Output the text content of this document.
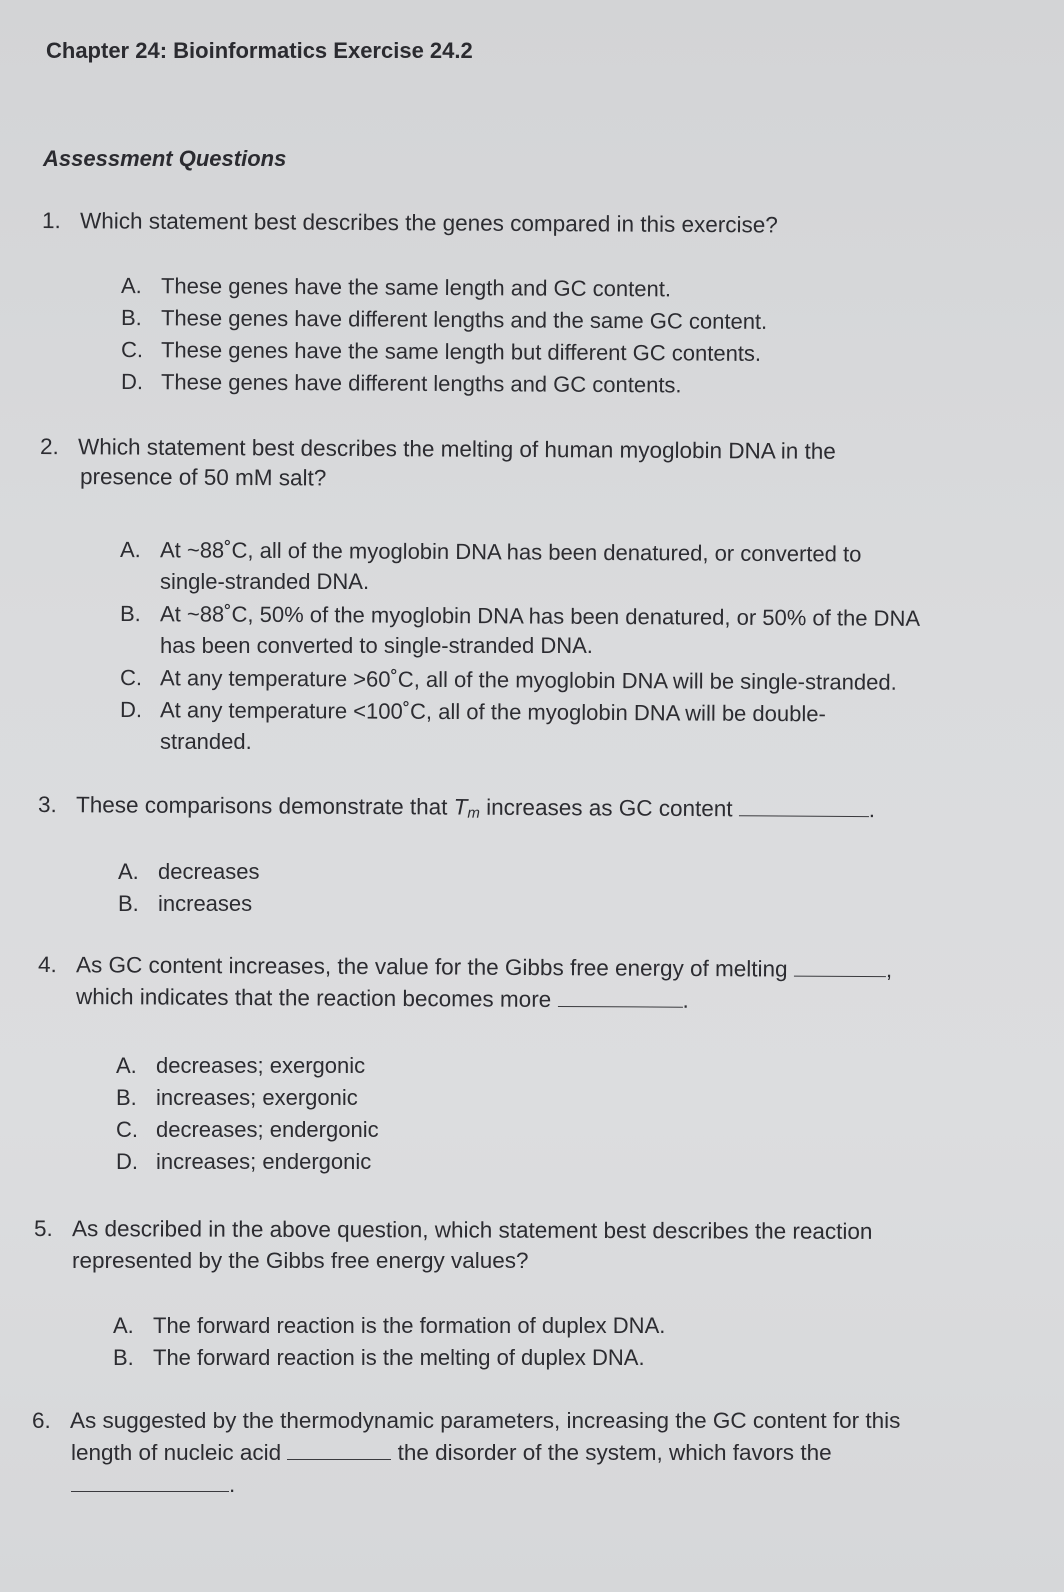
Chapter 24: Bioinformatics Exercise 24.2
Assessment Questions
1. Which statement best describes the genes compared in this exercise?
A. These genes have the same length and GC content.
B. These genes have different lengths and the same GC content.
C. These genes have the same length but different GC contents.
D. These genes have different lengths and GC contents.
2. Which statement best describes the melting of human myoglobin DNA in the
presence of 50 mM salt?
A. At ~88˚C, all of the myoglobin DNA has been denatured, or converted to
single-stranded DNA.
B. At ~88˚C, 50% of the myoglobin DNA has been denatured, or 50% of the DNA
has been converted to single-stranded DNA.
C. At any temperature >60˚C, all of the myoglobin DNA will be single-stranded.
D. At any temperature <100˚C, all of the myoglobin DNA will be double-
stranded.
3. These comparisons demonstrate that $T_m$ increases as GC content	.
A. decreases
B. increases
4. As GC content increases, the value for the Gibbs free energy of melting	,
which indicates that the reaction becomes more	.
A. decreases; exergonic
B. increases; exergonic
C. decreases; endergonic
D. increases; endergonic
5. As described in the above question, which statement best describes the reaction
represented by the Gibbs free energy values?
A. The forward reaction is the formation of duplex DNA.
B. The forward reaction is the melting of duplex DNA.
6. As suggested by the thermodynamic parameters, increasing the GC content for this
length of nucleic acid	the disorder of the system, which favors the
.
